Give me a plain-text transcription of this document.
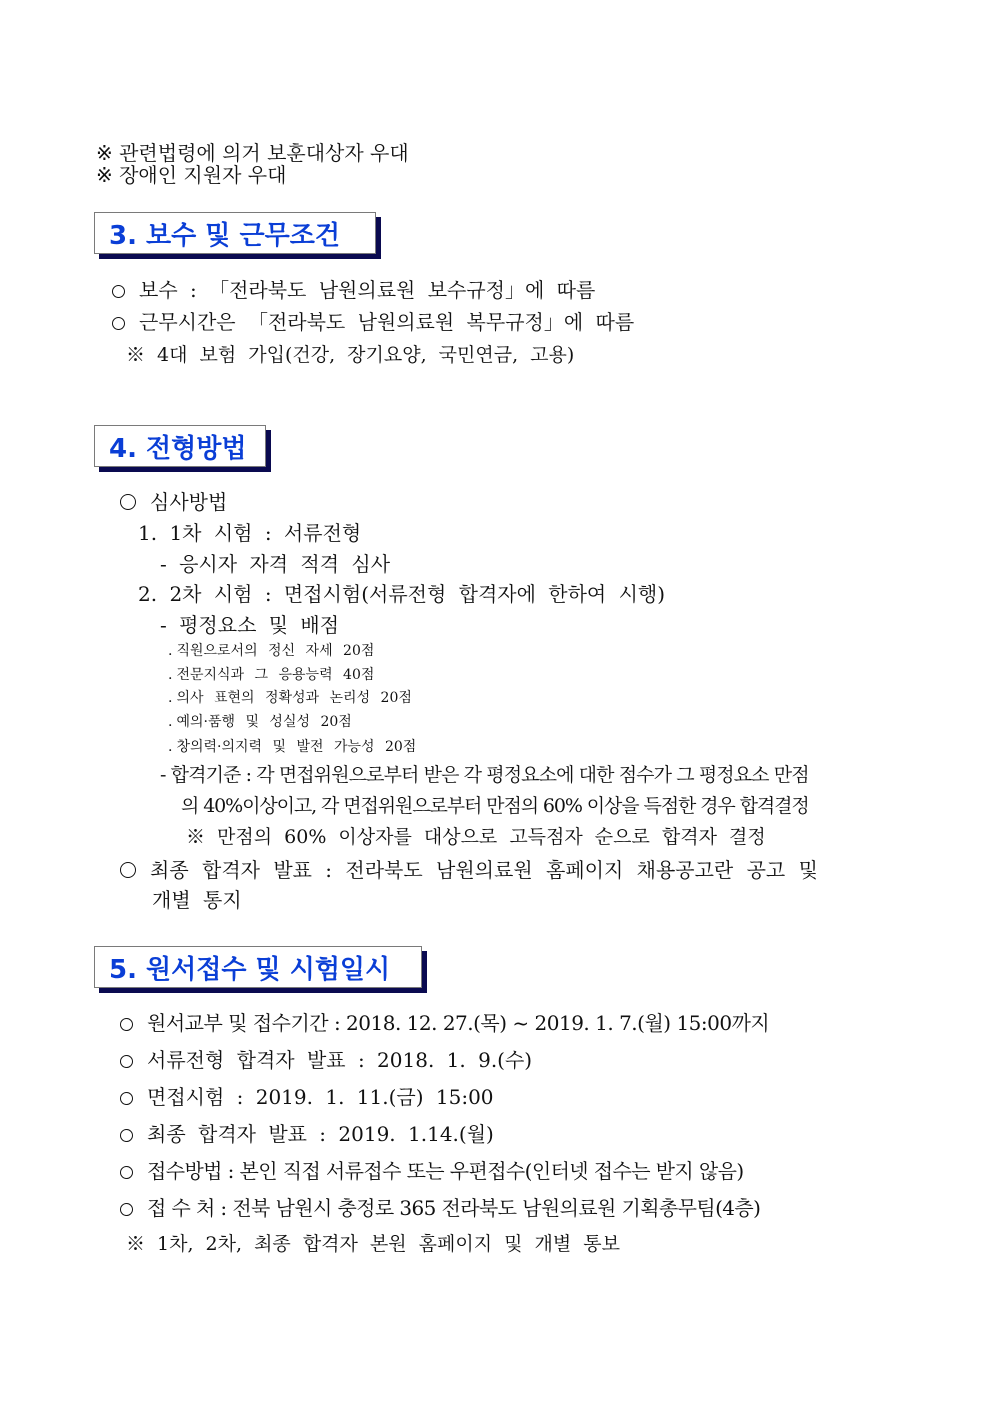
※ 관련법령에 의거 보훈대상자 우대
※ 장애인 지원자 우대
3. 보수 및 근무조건
보수 : 「전라북도 남원의료원 보수규정」에 따름
근무시간은 「전라북도 남원의료원 복무규정」에 따름
※ 4대 보험 가입(건강, 장기요양, 국민연금, 고용)
4. 전형방법
심사방법
1. 1차 시험 : 서류전형
- 응시자 자격 적격 심사
2. 2차 시험 : 면접시험(서류전형 합격자에 한하여 시행)
- 평정요소 및 배점
. 직원으로서의 정신 자세 20점
. 전문지식과 그 응용능력 40점
. 의사 표현의 정확성과 논리성 20점
. 예의·품행 및 성실성 20점
. 창의력·의지력 및 발전 가능성 20점
- 합격기준 : 각 면접위원으로부터 받은 각 평정요소에 대한 점수가 그 평정요소 만점
의 40%이상이고, 각 면접위원으로부터 만점의 60% 이상을 득점한 경우 합격결정
※ 만점의 60% 이상자를 대상으로 고득점자 순으로 합격자 결정
최종 합격자 발표 : 전라북도 남원의료원 홈페이지 채용공고란 공고 및
개별 통지
5. 원서접수 및 시험일시
원서교부 및 접수기간 : 2018. 12. 27.(목) ~ 2019. 1. 7.(월) 15:00까지
서류전형 합격자 발표 : 2018. 1. 9.(수)
면접시험 : 2019. 1. 11.(금) 15:00
최종 합격자 발표 : 2019. 1.14.(월)
접수방법 : 본인 직접 서류접수 또는 우편접수(인터넷 접수는 받지 않음)
접 수 처 : 전북 남원시 충정로 365 전라북도 남원의료원 기획총무팀(4층)
※ 1차, 2차, 최종 합격자 본원 홈페이지 및 개별 통보
